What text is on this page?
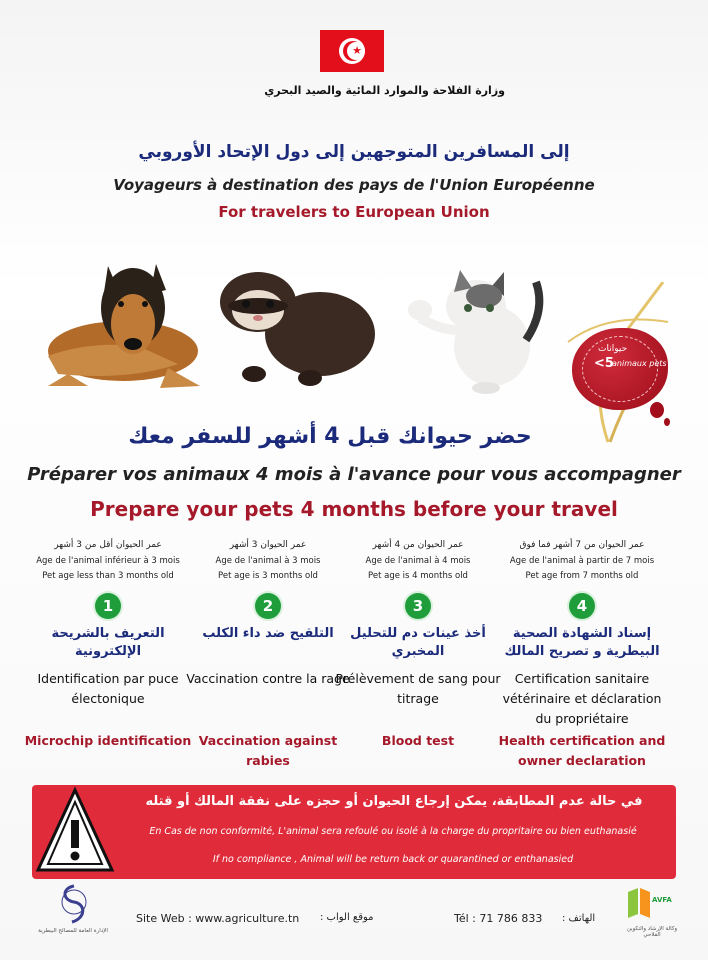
★
وزارة الفلاحة والموارد المائية والصيد البحري
إلى المسافرين المتوجهين إلى دول الإتحاد الأوروبي
Voyageurs à destination des pays de l'Union Européenne
For travelers to European Union
حيوانات
<5
animaux pets
حضر حيوانك قبل 4 أشهر للسفر معك
Préparer vos animaux 4 mois à l'avance pour vous accompagner
Prepare your pets 4 months before your travel
عمر الحيوان أقل من 3 أشهر
Age de l'animal inférieur à 3 mois
Pet age less than 3 months old
1
التعريف بالشريحة الإلكترونية
Identification par puce électonique
Microchip identification
عمر الحيوان 3 أشهر
Age de l'animal à 3 mois
Pet age is 3 months old
2
التلقيح ضد داء الكلب
Vaccination contre la rage
Vaccination against rabies
عمر الحيوان من 4 أشهر
Age de l'animal à 4 mois
Pet age is 4 months old
3
أخذ عينات دم للتحليل المخبري
Prélèvement de sang pour titrage
Blood test
عمر الحيوان من 7 أشهر فما فوق
Age de l'animal à partir de 7 mois
Pet age from 7 months old
4
إسناد الشهادة الصحية البيطرية و تصريح المالك
Certification sanitaire vétérinaire et déclaration du propriétaire
Health certification and owner declaration
في حالة عدم المطابقة، يمكن إرجاع الحيوان أو حجزه على نفقة المالك أو قتله
En Cas de non conformité, L'animal sera refoulé ou isolé à la charge du propritaire ou bien euthanasié
If no compliance , Animal will be return back or quarantined or enthanasied
الإدارة العامة للمصالح البيطرية
Site Web : www.agriculture.tn موقع الواب :	Tél : 71 786 833 الهاتف :
AVFA
وكالة الإرشاد والتكوين الفلاحي
